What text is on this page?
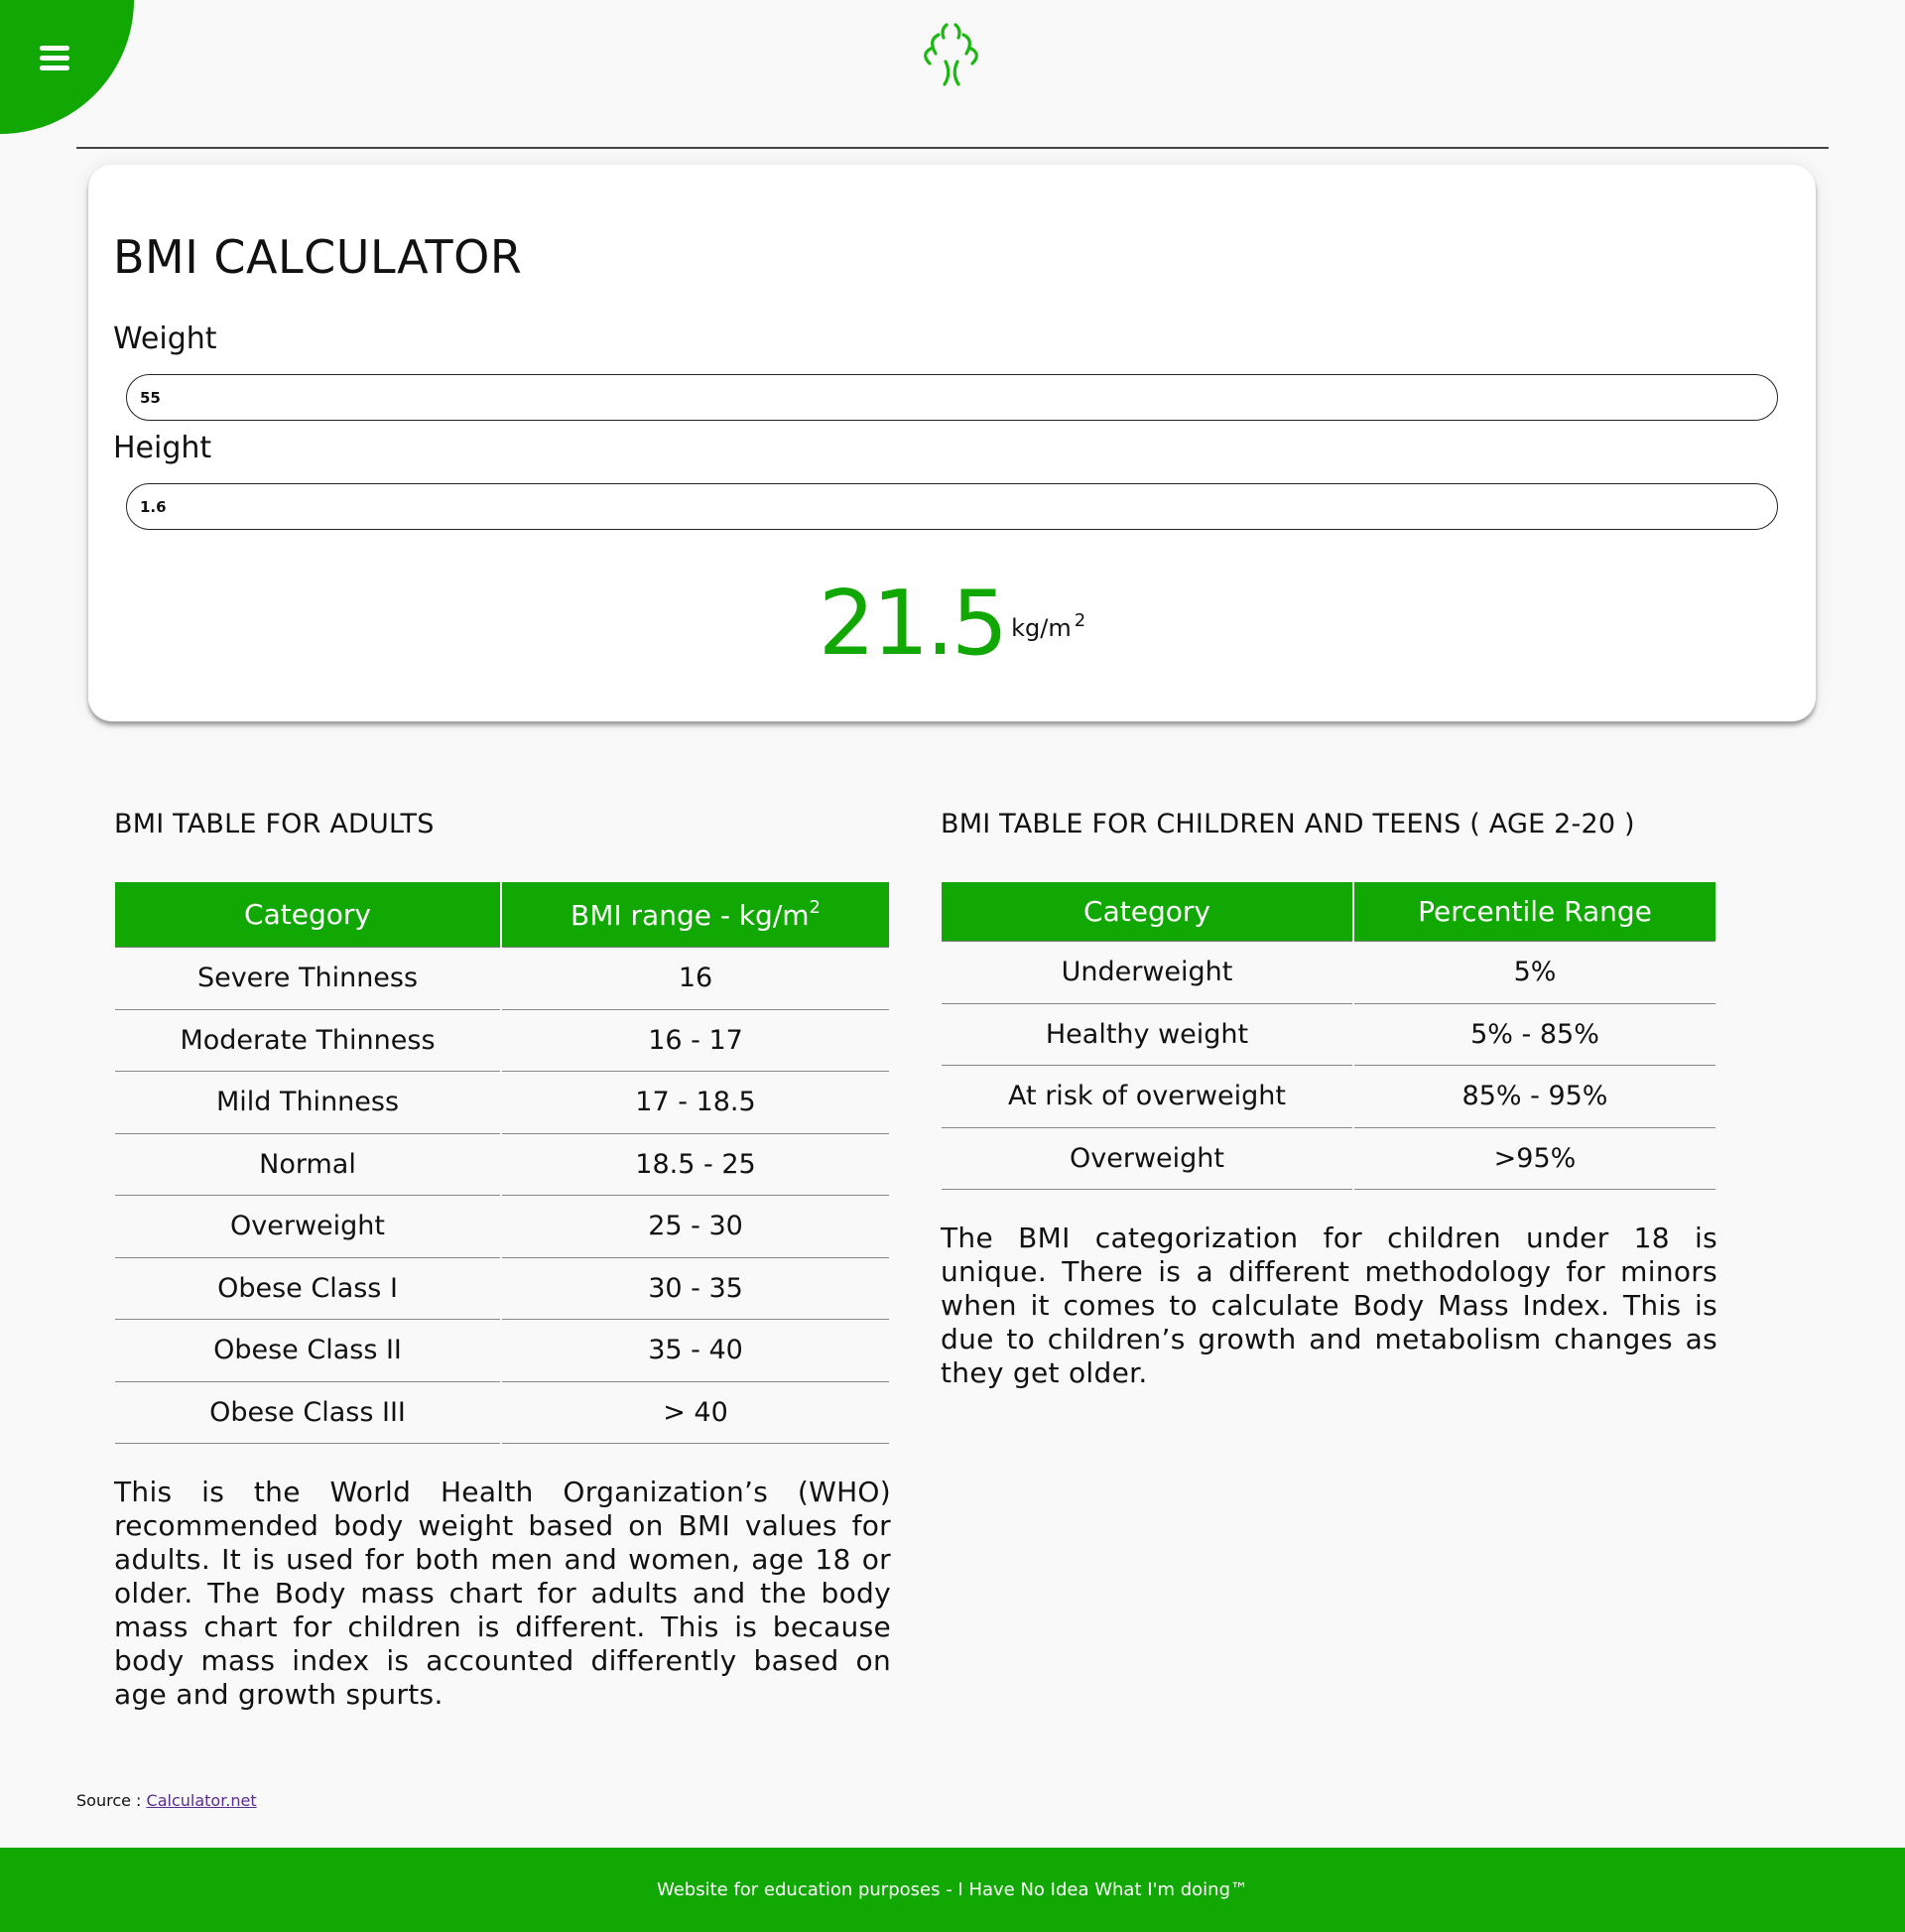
BMI CALCULATOR
Weight
55
Height
1.6
21.5 kg/m $^2$
BMI TABLE FOR ADULTS
Category	BMI range - $kg/m^2$
Severe Thinness	16
Moderate Thinness	16 - 17
Mild Thinness	17 - 18.5
Normal	18.5 - 25
Overweight	25 - 30
Obese Class I	30 - 35
Obese Class II	35 - 40
Obese Class III	> 40

This is the World Health Organization’s (WHO) recommended body weight based on BMI values for adults. It is used for both men and women, age 18 or older. The Body mass chart for adults and the body mass chart for children is different. This is because body mass index is accounted differently based on age and growth spurts.

BMI TABLE FOR CHILDREN AND TEENS ( AGE 2-20 )
Category	Percentile Range
Underweight	5%
Healthy weight	5% - 85%
At risk of overweight	85% - 95%
Overweight	>95%

The BMI categorization for children under 18 is unique. There is a different methodology for minors when it comes to calculate Body Mass Index. This is due to children’s growth and metabolism changes as they get older.

Source : Calculator.net
Website for education purposes - I Have No Idea What I'm doing™
